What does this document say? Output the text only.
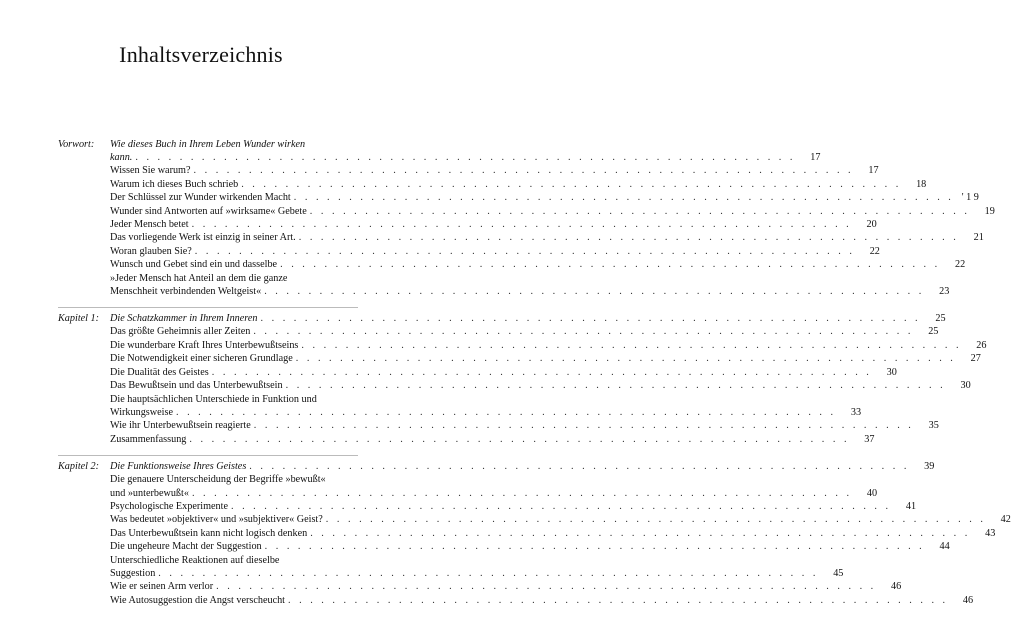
Inhaltsverzeichnis
Vorwort:	Wie dieses Buch in Ihrem Leben Wunder wirken
kann. . . .	17
Wissen Sie warum? . . .	17
Warum ich dieses Buch schrieb . . .	18
Der Schlüssel zur Wunder wirkenden Macht . . .	' 1 9
Wunder sind Antworten auf »wirksame« Gebete . . .	19
Jeder Mensch betet . . .	20
Das vorliegende Werk ist einzig in seiner Art. . . .	21
Woran glauben Sie? . . .	22
Wunsch und Gebet sind ein und dasselbe . . .	22
»Jeder Mensch hat Anteil an dem die ganze
Menschheit verbindenden Weltgeist« . . .	23
Kapitel 1:	Die Schatzkammer in Ihrem Inneren . . .	25
Das größte Geheimnis aller Zeiten . . .	25
Die wunderbare Kraft Ihres Unterbewußtseins . . .	26
Die Notwendigkeit einer sicheren Grundlage . . .	27
Die Dualität des Geistes . . .	30
Das Bewußtsein und das Unterbewußtsein . . .	30
Die hauptsächlichen Unterschiede in Funktion und
Wirkungsweise . . .	33
Wie ihr Unterbewußtsein reagierte . . .	35
Zusammenfassung . . .	37
Kapitel 2:	Die Funktionsweise Ihres Geistes . . .	39
Die genauere Unterscheidung der Begriffe »bewußt«
und »unterbewußt« . . .	40
Psychologische Experimente . . .	41
Was bedeutet »objektiver« und »subjektiver« Geist? . . .	42
Das Unterbewußtsein kann nicht logisch denken . . .	43
Die ungeheure Macht der Suggestion . . .	44
Unterschiedliche Reaktionen auf dieselbe
Suggestion . . .	45
Wie er seinen Arm verlor . . .	46
Wie Autosuggestion die Angst verscheucht . . .	46
